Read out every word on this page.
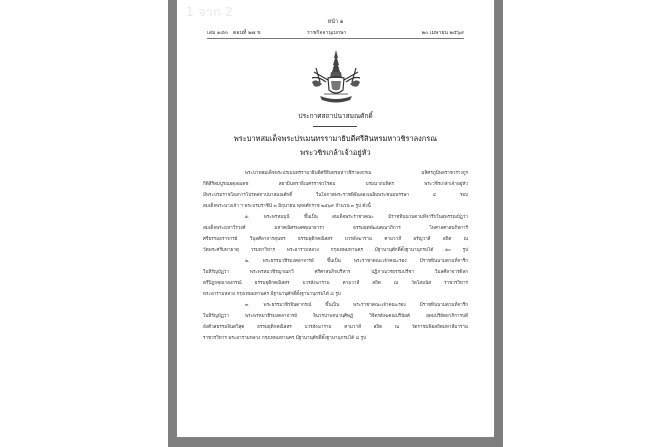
หน้า ๑
เล่ม ๑๔๓ ตอนที่ ๒๗ ข	ราชกิจจานุเบกษา	๒๐ เมษายน ๒๕๖๙
ประกาศสถาปนาสมณศักดิ์
พระบาทสมเด็จพระปรเมนทรรามาธิบดีศรีสินทรมหาวชิราลงกรณ
พระวชิรเกล้าเจ้าอยู่หัว
พระบาทสมเด็จพระปรเมนทรรามาธิบดีศรีสินทรมหาวชิราลงกรณ มหิศรภูมิพลราชวรางกูร
กิติสิริสมบูรณอดุลยเดช สยามินทราธิเบศรราชวโรดม บรมนาถบพิตร พระวชิรเกล้าเจ้าอยู่หัว
มีพระบรมราชโองการโปรดสถาปนาสมณศักดิ์ ในโอกาสพระราชพิธีฉลองเฉลิมพระชนมพรรษา ๔ รอบ
สมเด็จพระนางเจ้า ฯ พระบรมราชินี ๓ มิถุนายน พุทธศักราช ๒๕๖๙ จำนวน ๓ รูป ดังนี้
๑. พระพรหมมุนี ขึ้นเป็น สมเด็จพระราชาคณะ มีราชทินนามตามที่จารึกในสุพรรณบัฏว่า
สมเด็จพระมหาวีรวงศ์ มหาคณิศรพงศคุณาธารา ธรรมยุตพัฒนคณาภิการ ไพศาลศาสนกิจการี
ศรีธรรมธราจารย์ วิบุลศีลาจารสุนทร ธรรมยุติกคณิสสร บวรสังฆาราม คามวาสี อรัญวาสี สถิต ณ
วัดพระศรีมหาธาตุ วรมหาวิหาร พระอารามหลวง กรุงเทพมหานคร มีฐานานุศักดิ์ตั้งฐานานุกรมได้ ๑๐ รูป
๒. พระธรรมวชิรมงคลาจารย์ ขึ้นเป็น พระราชาคณะเจ้าคณะรอง มีราชทินนามตามที่จารึก
ในหิรัญบัฏว่า พระพรหมวชิรญาณกวี ศรีศาสนกิจบริหาร ปฏิภาณวรธรรมปรีชา วิมลศีลาจารดิลก
ตรีปิฎกคุณาลงกรณ์ ธรรมยุติกคณิสสร บวรสังฆาราม คามวาสี สถิต ณ วัดโสมนัส ราชวรวิหาร
พระอารามหลวง กรุงเทพมหานคร มีฐานานุศักดิ์ตั้งฐานานุกรมได้ ๘ รูป
๓. พระธรรมวชิรจินดากรณ์ ขึ้นเป็น พระราชาคณะเจ้าคณะรอง มีราชทินนามตามที่จารึก
ในหิรัญบัฏว่า พระพรหมวชิรมงคลาจารย์ จินวรปาพจนานุศิษฏ์ วิจิตรสังฆคณปรินัยค์ อุดมปริยัตยาภิการบดี
อังคีวสธรรมจินตวิสุต ธรรมยุติกคณิสสร บวรสังฆาราม คามวาสี สถิต ณ วัดราชบพิธสถิตมหาสีมาราม
ราชวรวิหาร พระอารามหลวง กรุงเทพมหานคร มีฐานานุศักดิ์ตั้งฐานานุกรมได้ ๘ รูป
1 จาก 2
